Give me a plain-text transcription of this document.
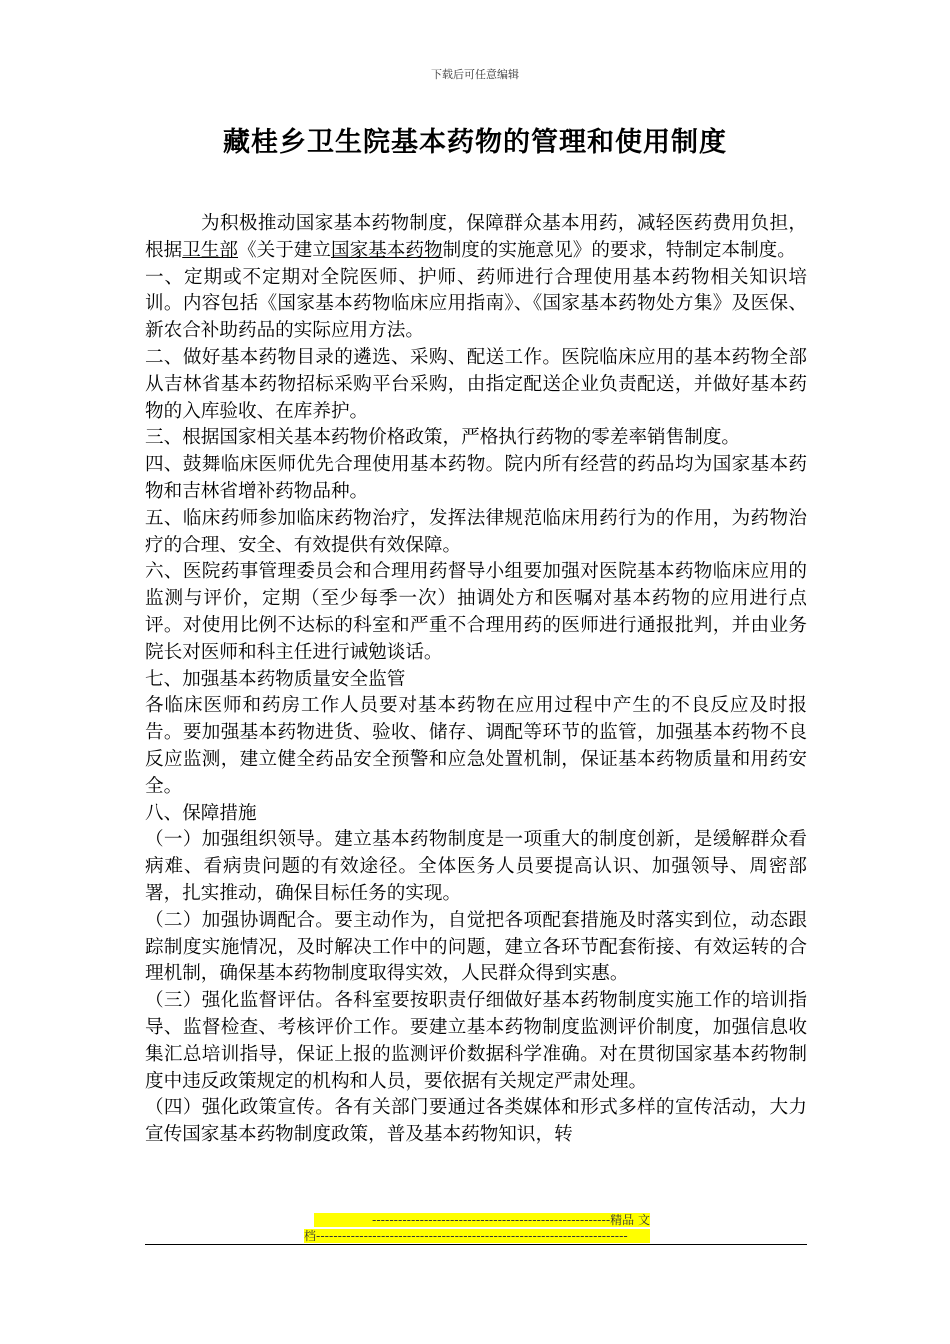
下载后可任意编辑
藏桂乡卫生院基本药物的管理和使用制度

为积极推动国家基本药物制度，保障群众基本用药，减轻医药费用负担，根据卫生部《关于建立国家基本药物制度的实施意见》的要求，特制定本制度。

一、定期或不定期对全院医师、护师、药师进行合理使用基本药物相关知识培训。内容包括《国家基本药物临床应用指南》、《国家基本药物处方集》及医保、新农合补助药品的实际应用方法。

二、做好基本药物目录的遴选、采购、配送工作。医院临床应用的基本药物全部从吉林省基本药物招标采购平台采购，由指定配送企业负责配送，并做好基本药物的入库验收、在库养护。

三、根据国家相关基本药物价格政策，严格执行药物的零差率销售制度。

四、鼓舞临床医师优先合理使用基本药物。院内所有经营的药品均为国家基本药物和吉林省增补药物品种。

五、临床药师参加临床药物治疗，发挥法律规范临床用药行为的作用，为药物治疗的合理、安全、有效提供有效保障。

六、医院药事管理委员会和合理用药督导小组要加强对医院基本药物临床应用的监测与评价，定期（至少每季一次）抽调处方和医嘱对基本药物的应用进行点评。对使用比例不达标的科室和严重不合理用药的医师进行通报批判，并由业务院长对医师和科主任进行诫勉谈话。

七、加强基本药物质量安全监管

各临床医师和药房工作人员要对基本药物在应用过程中产生的不良反应及时报告。要加强基本药物进货、验收、储存、调配等环节的监管，加强基本药物不良反应监测，建立健全药品安全预警和应急处置机制，保证基本药物质量和用药安全。

八、保障措施

（一）加强组织领导。建立基本药物制度是一项重大的制度创新，是缓解群众看病难、看病贵问题的有效途径。全体医务人员要提高认识、加强领导、周密部署，扎实推动，确保目标任务的实现。

（二）加强协调配合。要主动作为，自觉把各项配套措施及时落实到位，动态跟踪制度实施情况，及时解决工作中的问题，建立各环节配套衔接、有效运转的合理机制，确保基本药物制度取得实效，人民群众得到实惠。

（三）强化监督评估。各科室要按职责仔细做好基本药物制度实施工作的培训指导、监督检查、考核评价工作。要建立基本药物制度监测评价制度，加强信息收集汇总培训指导，保证上报的监测评价数据科学准确。对在贯彻国家基本药物制度中违反政策规定的机构和人员，要依据有关规定严肃处理。

（四）强化政策宣传。各有关部门要通过各类媒体和形式多样的宣传活动，大力宣传国家基本药物制度政策，普及基本药物知识，转

-------------------------------------------------------精品 文
档------------------------------------------------------------------------
